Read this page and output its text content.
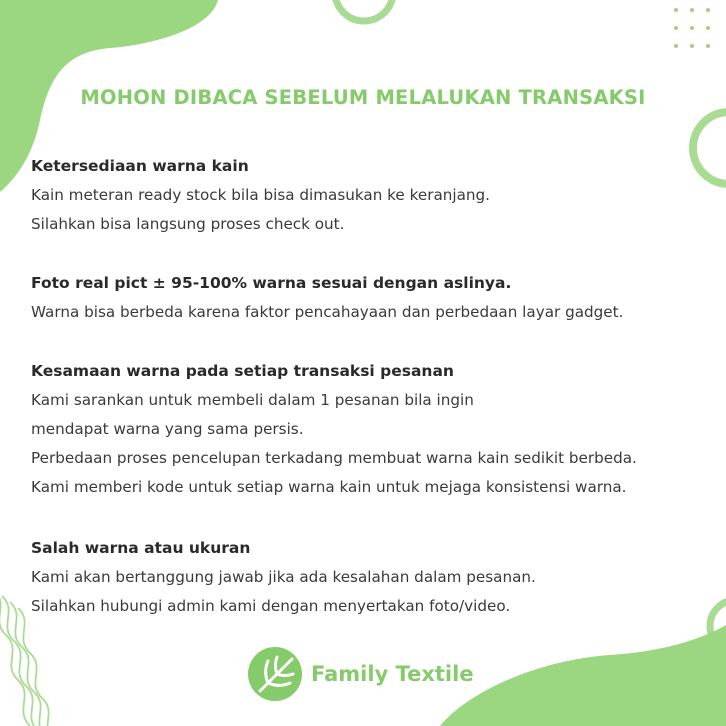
MOHON DIBACA SEBELUM MELALUKAN TRANSAKSI
Ketersediaan warna kain
Kain meteran ready stock bila bisa dimasukan ke keranjang.
Silahkan bisa langsung proses check out.
Foto real pict ± 95-100% warna sesuai dengan aslinya.
Warna bisa berbeda karena faktor pencahayaan dan perbedaan layar gadget.
Kesamaan warna pada setiap transaksi pesanan
Kami sarankan untuk membeli dalam 1 pesanan bila ingin
mendapat warna yang sama persis.
Perbedaan proses pencelupan terkadang membuat warna kain sedikit berbeda.
Kami memberi kode untuk setiap warna kain untuk mejaga konsistensi warna.
Salah warna atau ukuran
Kami akan bertanggung jawab jika ada kesalahan dalam pesanan.
Silahkan hubungi admin kami dengan menyertakan foto/video.
Family Textile
